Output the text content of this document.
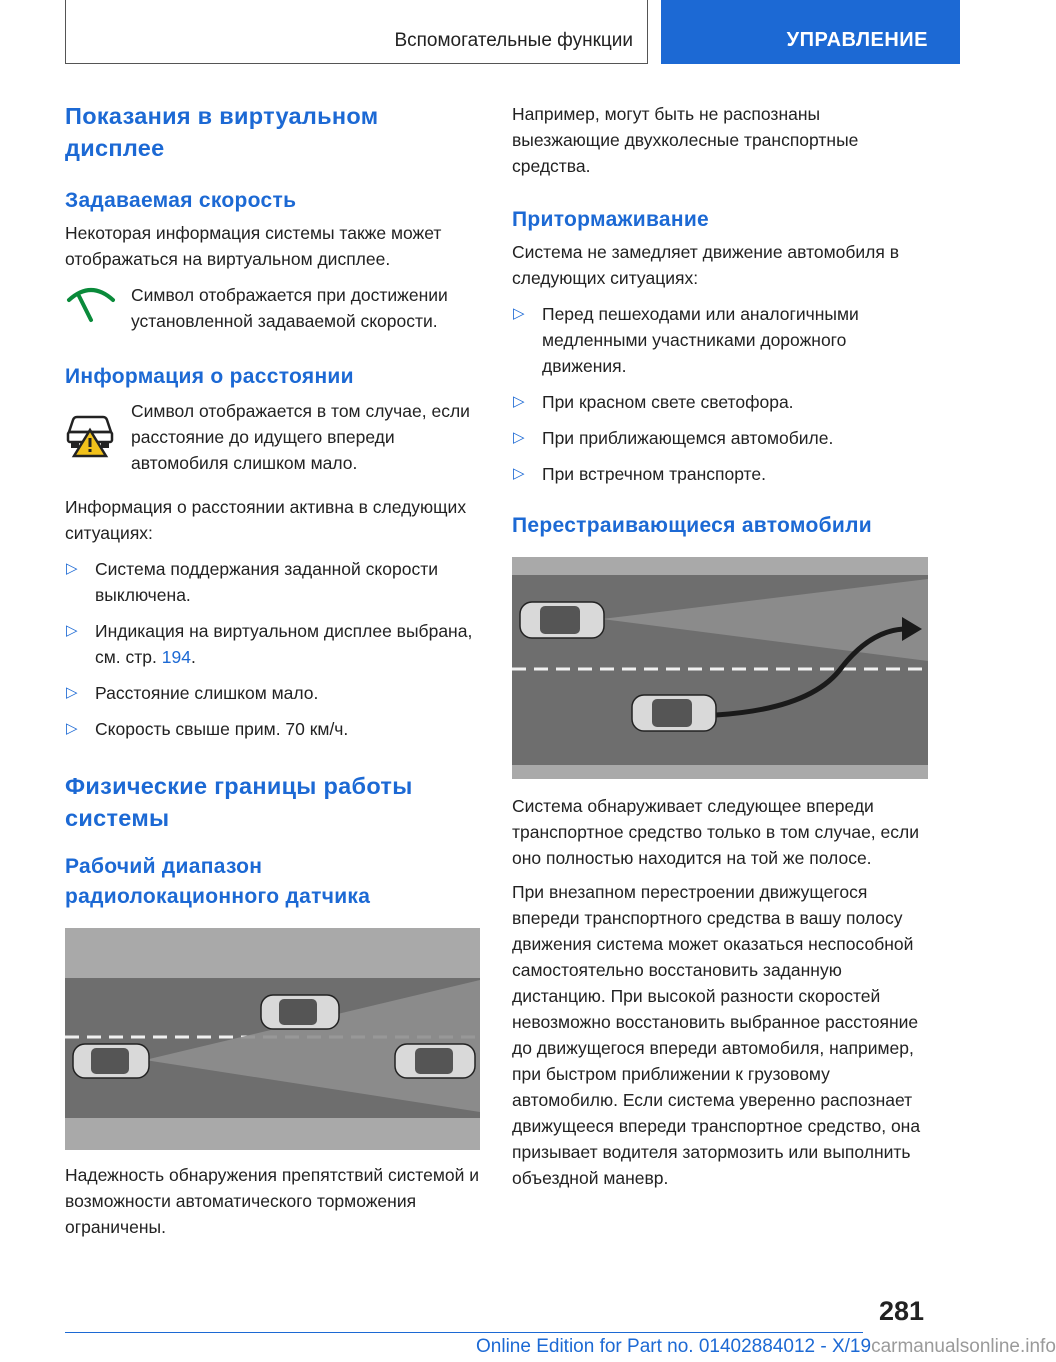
Вспомогательные функции	УПРАВЛЕНИЕ
Показания в виртуальном дисплее
Задаваемая скорость

Некоторая информация системы также может отображаться на виртуальном дисплее.

Символ отображается при достижении установленной задаваемой скорости.

Информация о расстоянии

Символ отображается в том случае, если расстояние до идущего впереди автомобиля слишком мало.

Информация о расстоянии активна в следующих ситуациях:

▷ Система поддержания заданной скорости выключена.
▷ Индикация на виртуальном дисплее выбрана, см. стр. 194.
▷ Расстояние слишком мало.
▷ Скорость свыше прим. 70 км/ч.
Физические границы работы системы
Рабочий диапазон радиолокационного датчика

Надежность обнаружения препятствий системой и возможности автоматического торможения ограничены.

Например, могут быть не распознаны выезжающие двухколесные транспортные средства.

Притормаживание

Система не замедляет движение автомобиля в следующих ситуациях:

▷ Перед пешеходами или аналогичными медленными участниками дорожного движения.
▷ При красном свете светофора.
▷ При приближающемся автомобиле.
▷ При встречном транспорте.
Перестраивающиеся автомобили

Система обнаруживает следующее впереди транспортное средство только в том случае, если оно полностью находится на той же полосе.

При внезапном перестроении движущегося впереди транспортного средства в вашу полосу движения система может оказаться неспособной самостоятельно восстановить заданную дистанцию. При высокой разности скоростей невозможно восстановить выбранное расстояние до движущегося впереди автомобиля, например, при быстром приближении к грузовому автомобилю. Если система уверенно распознает движущееся впереди транспортное средство, она призывает водителя затормозить или выполнить объездной маневр.

281
Online Edition for Part no. 01402884012 - X/19carmanualsonline.info
